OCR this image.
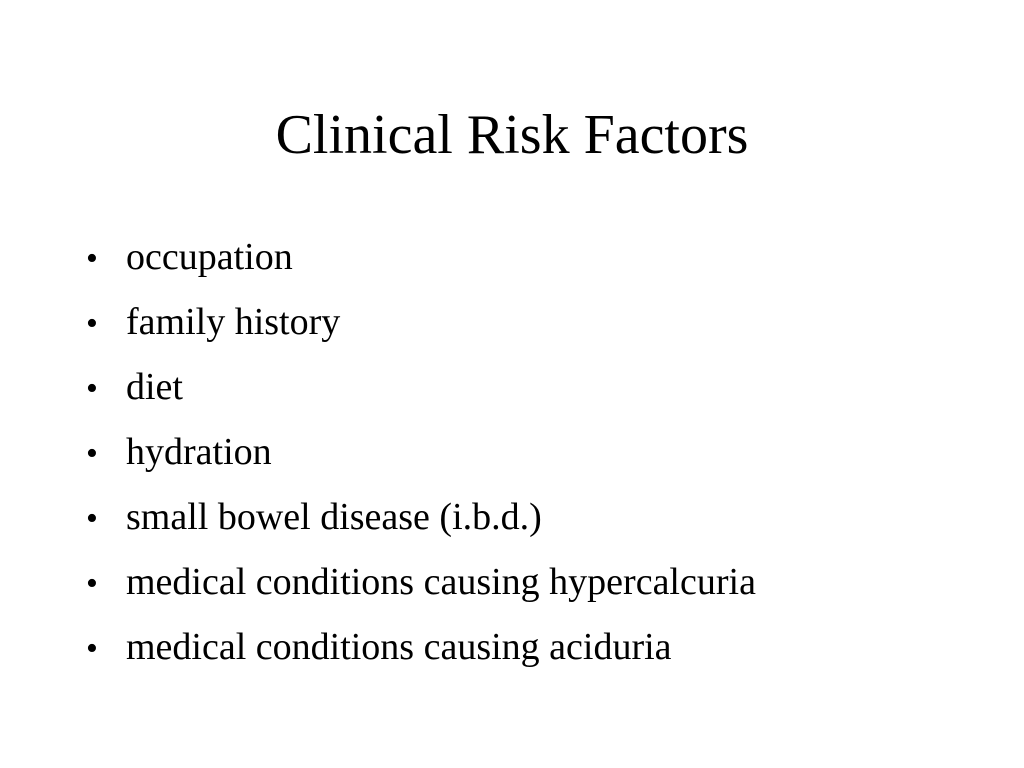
Clinical Risk Factors
• occupation
• family history
• diet
• hydration
• small bowel disease (i.b.d.)
• medical conditions causing hypercalcuria
• medical conditions causing aciduria
